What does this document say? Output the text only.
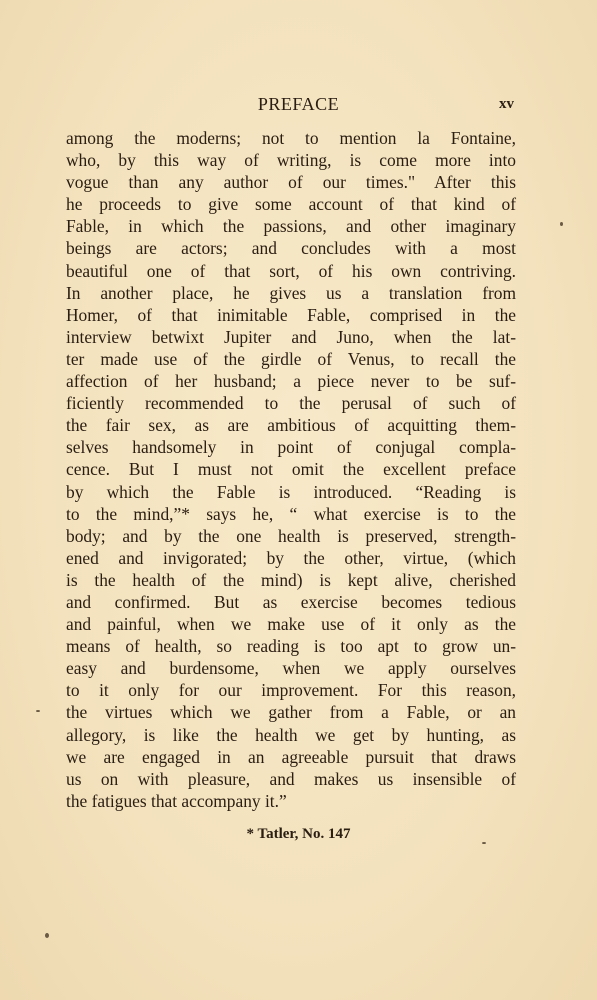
PREFACE	xv
among the moderns; not to mention la Fontaine,
who, by this way of writing, is come more into
vogue than any author of our times." After this
he proceeds to give some account of that kind of
Fable, in which the passions, and other imaginary
beings are actors; and concludes with a most
beautiful one of that sort, of his own contriving.
In another place, he gives us a translation from
Homer, of that inimitable Fable, comprised in the
interview betwixt Jupiter and Juno, when the lat-
ter made use of the girdle of Venus, to recall the
affection of her husband; a piece never to be suf-
ficiently recommended to the perusal of such of
the fair sex, as are ambitious of acquitting them-
selves handsomely in point of conjugal compla-
cence. But I must not omit the excellent preface
by which the Fable is introduced. “Reading is
to the mind,”* says he, “ what exercise is to the
body; and by the one health is preserved, strength-
ened and invigorated; by the other, virtue, (which
is the health of the mind) is kept alive, cherished
and confirmed. But as exercise becomes tedious
and painful, when we make use of it only as the
means of health, so reading is too apt to grow un-
easy and burdensome, when we apply ourselves
to it only for our improvement. For this reason,
the virtues which we gather from a Fable, or an
allegory, is like the health we get by hunting, as
we are engaged in an agreeable pursuit that draws
us on with pleasure, and makes us insensible of
the fatigues that accompany it.”
* Tatler, No. 147
